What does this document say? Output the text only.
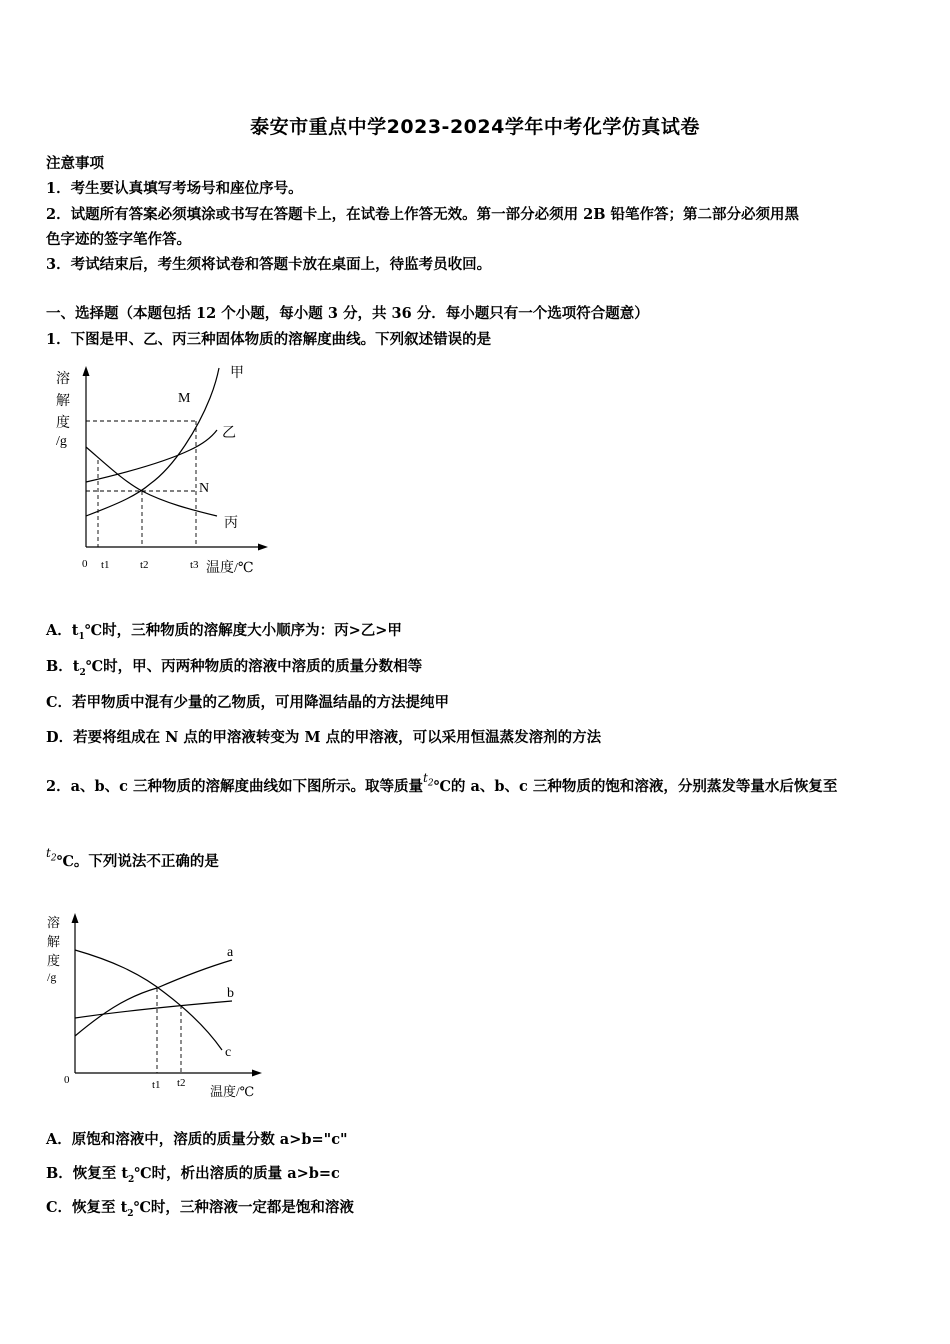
泰安市重点中学2023-2024学年中考化学仿真试卷
注意事项
1．考生要认真填写考场号和座位序号。
2．试题所有答案必须填涂或书写在答题卡上，在试卷上作答无效。第一部分必须用 2B 铅笔作答；第二部分必须用黑
色字迹的签字笔作答。
3．考试结束后，考生须将试卷和答题卡放在桌面上，待监考员收回。
一、选择题（本题包括 12 个小题，每小题 3 分，共 36 分．每小题只有一个选项符合题意）
1．下图是甲、乙、丙三种固体物质的溶解度曲线。下列叙述错误的是
溶
解
度
/g
甲
乙
丙
M
N
0 t1	t2	t3 温度/℃
A．$t_1℃$时，三种物质的溶解度大小顺序为：丙>乙>甲
B．$t_2℃$时，甲、丙两种物质的溶液中溶质的质量分数相等
C．若甲物质中混有少量的乙物质，可用降温结晶的方法提纯甲
D．若要将组成在 N 点的甲溶液转变为 M 点的甲溶液，可以采用恒温蒸发溶剂的方法
2．a、b、c 三种物质的溶解度曲线如下图所示。取等质量$^{t_2}$℃的 a、b、c 三种物质的饱和溶液，分别蒸发等量水后恢复至
$^{t_2}$℃。下列说法不正确的是
溶
解
度
/g
a
b
c
0	t1 t2
温度/℃
A．原饱和溶液中，溶质的质量分数 a>b="c"
B．恢复至 $t_2℃$时，析出溶质的质量 a>b=c
C．恢复至 $t_2℃$时，三种溶液一定都是饱和溶液
